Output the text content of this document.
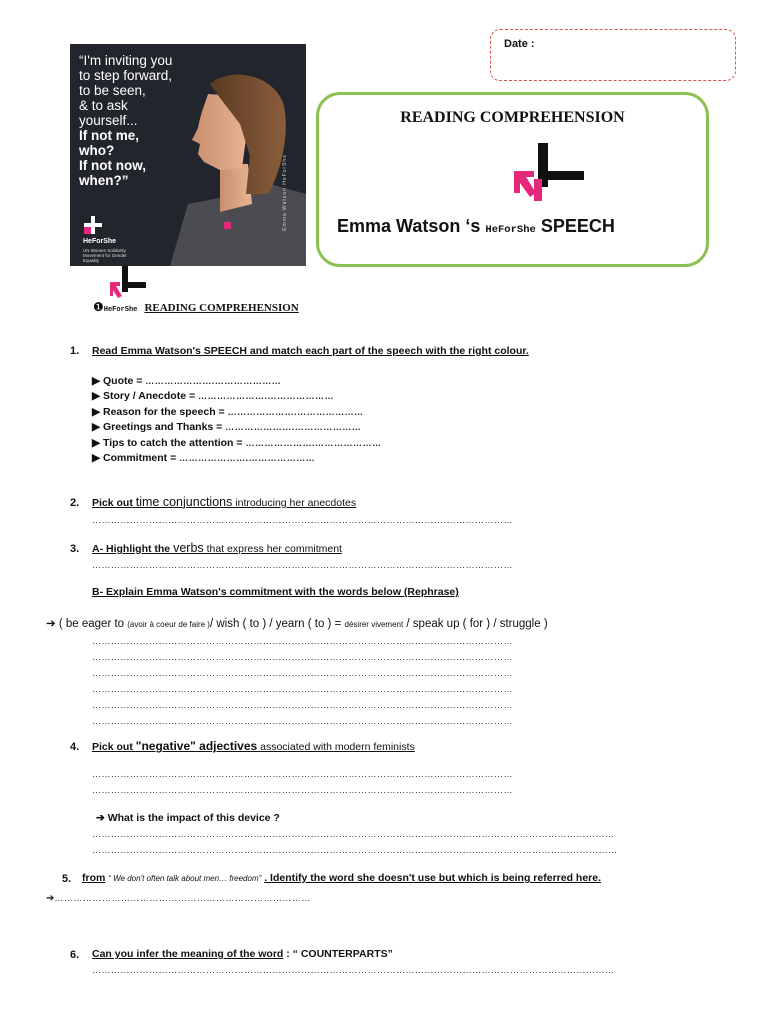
“I'm inviting you
to step forward,
to be seen,
& to ask
yourself...
If not me,
who?
If not now,
when?”
HeForShe
UN Women Solidarity Movement for Gender Equality
Emma Watson HeForShe
Date :
READING COMPREHENSION
Emma Watson ‘s HeForShe SPEECH
❶HeForShe READING COMPREHENSION
1. Read Emma Watson's SPEECH and match each part of the speech with the right colour.
▶ Quote = ………………….…………………
▶ Story / Anecdote = ………………….…………………
▶ Reason for the speech = ………………….…………………
▶ Greetings and Thanks = ………………….…………………
▶ Tips to catch the attention = ………………….…………………
▶ Commitment = ………………….…………………
2. Pick out time conjunctions introducing her anecdotes
………………………………………………………………………………………………….…………………
3. A- Highlight the verbs that express her commitment
………………………………………………………………………………………………….…………………
B- Explain Emma Watson's commitment with the words below (Rephrase)
➔ ( be eager to (avoir à coeur de faire )/ wish ( to ) / yearn ( to ) = désirer vivement / speak up ( for ) / struggle )
………………………………………………………………………………………………….…………………
………………………………………………………………………………………………….…………………
………………………………………………………………………………………………….…………………
………………………………………………………………………………………………….…………………
………………………………………………………………………………………………….…………………
………………………………………………………………………………………………….…………………
4. Pick out "negative" adjectives associated with modern feminists
………………………………………………………………………………………………….…………………
………………………………………………………………………………………………….…………………
➔ What is the impact of this device ?
…………………………………………………………………………………………………………………………………………………
………………………………………………………………………………………………………….………………………………………
5. from “ We don't often talk about men… freedom” . Identify the word she doesn't use but which is being referred here.
➔………………………………………………………………………
6. Can you infer the meaning of the word : “ COUNTERPARTS”
…………………………………………………………………………………………………………………………………………………
